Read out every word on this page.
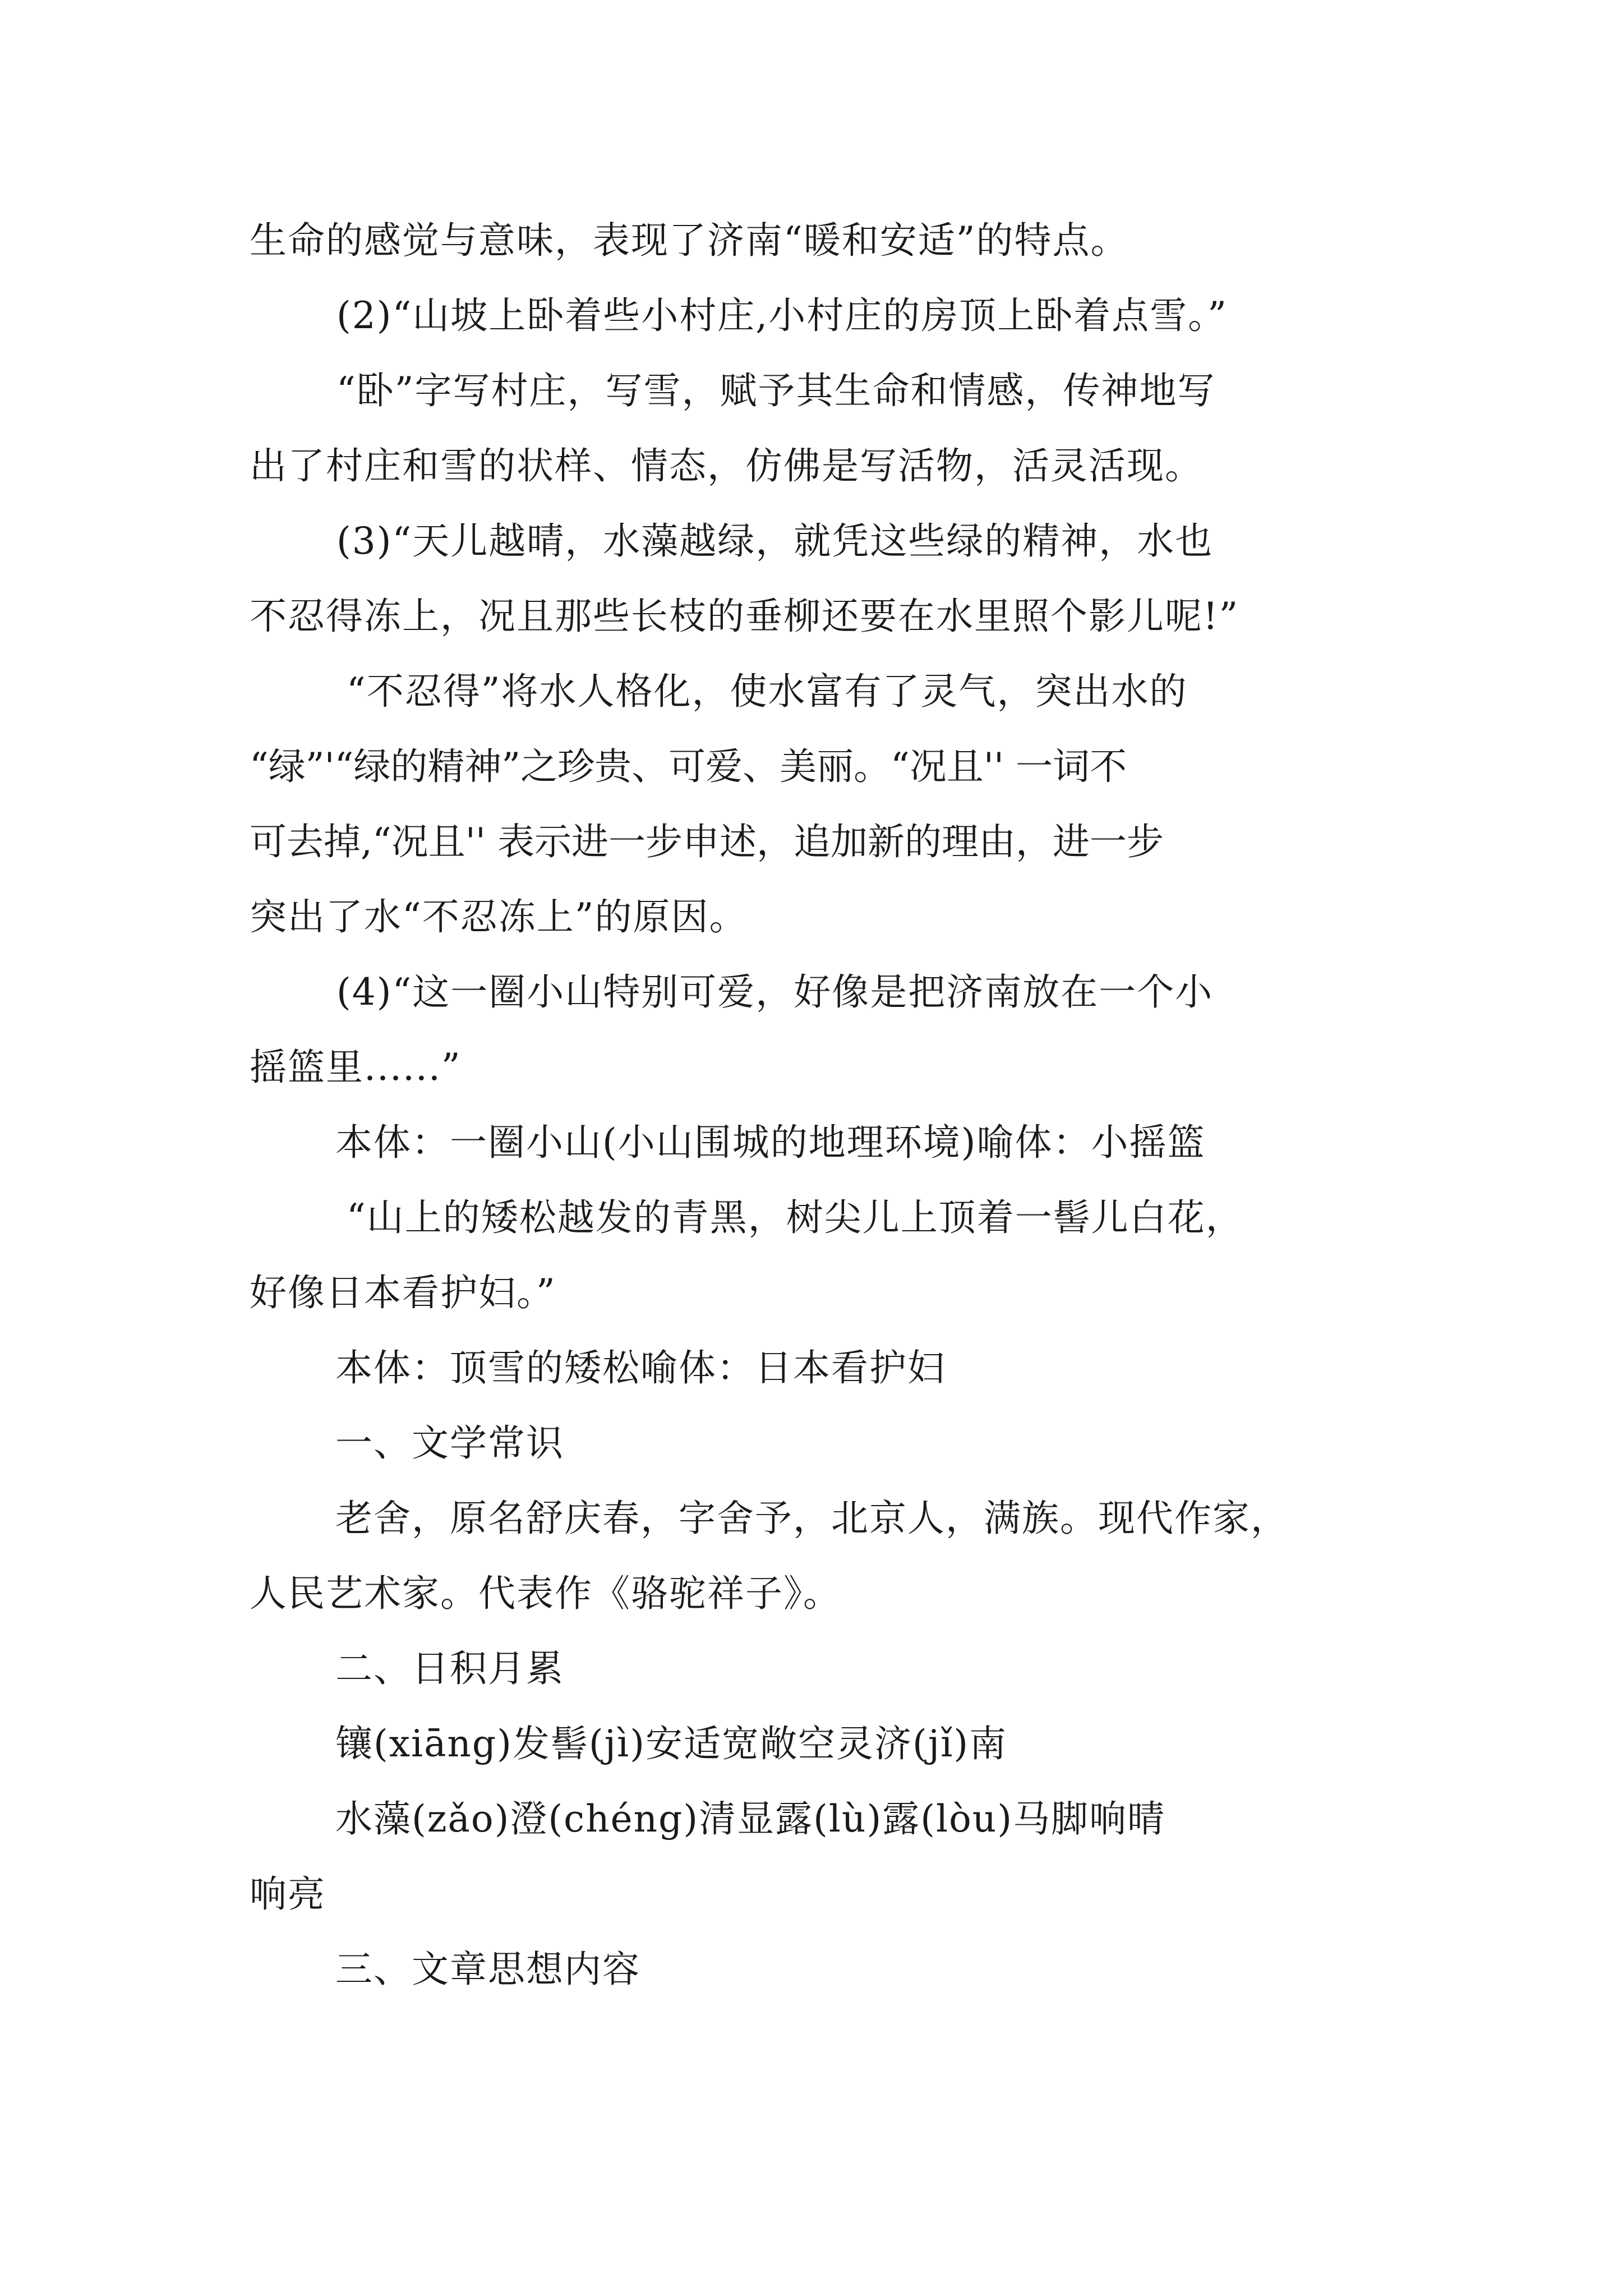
生命的感觉与意味，表现了济南“暖和安适”的特点。

(2)“山坡上卧着些小村庄,小村庄的房顶上卧着点雪。”

“卧”字写村庄，写雪，赋予其生命和情感，传神地写

出了村庄和雪的状样、情态，仿佛是写活物，活灵活现。

(3)“天儿越晴，水藻越绿，就凭这些绿的精神，水也

不忍得冻上，况且那些长枝的垂柳还要在水里照个影儿呢!”

“不忍得”将水人格化，使水富有了灵气，突出水的

“绿”'“绿的精神”之珍贵、可爱、美丽。“况且'' 一词不

可去掉,“况且'' 表示进一步申述，追加新的理由，进一步

突出了水“不忍冻上”的原因。

(4)“这一圈小山特别可爱，好像是把济南放在一个小

摇篮里......”

本体：一圈小山(小山围城的地理环境)喻体：小摇篮

“山上的矮松越发的青黑，树尖儿上顶着一髻儿白花，

好像日本看护妇。”

本体：顶雪的矮松喻体：日本看护妇

一、文学常识

老舍，原名舒庆春，字舍予，北京人，满族。现代作家，

人民艺术家。代表作《骆驼祥子》。

二、日积月累

镶(xiāng)发髻(jì)安适宽敞空灵济(jǐ)南

水藻(zǎo)澄(chéng)清显露(lù)露(lòu)马脚响晴

响亮

三、文章思想内容
